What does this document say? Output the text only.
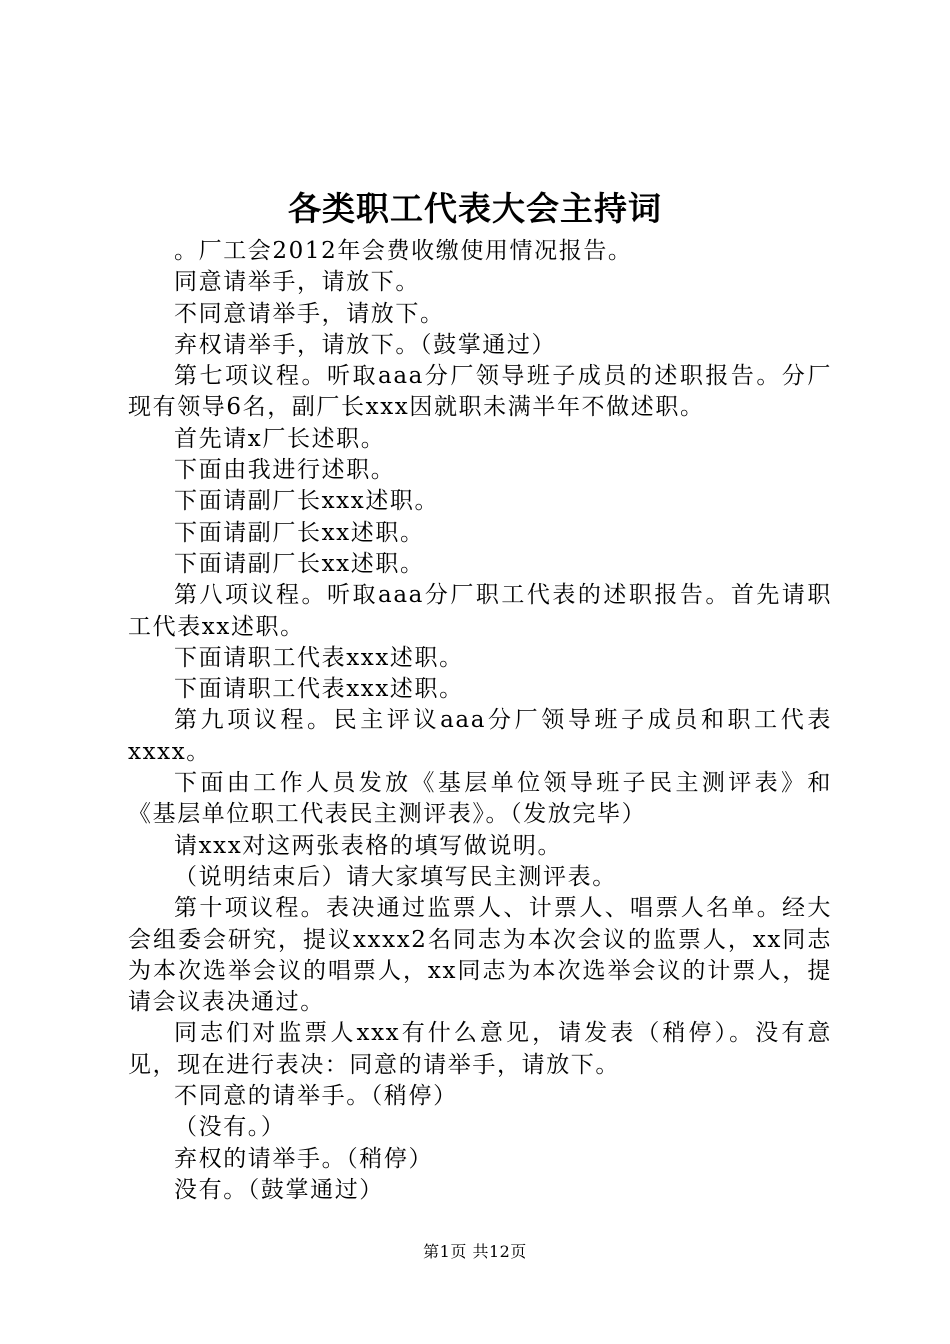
各类职工代表大会主持词

。厂工会2012年会费收缴使用情况报告。

同意请举手，请放下。

不同意请举手，请放下。

弃权请举手，请放下。（鼓掌通过）

第七项议程。听取aaa分厂领导班子成员的述职报告。分厂现有领导6名，副厂长xxx因就职未满半年不做述职。

首先请x厂长述职。

下面由我进行述职。

下面请副厂长xxx述职。

下面请副厂长xx述职。

下面请副厂长xx述职。

第八项议程。听取aaa分厂职工代表的述职报告。首先请职工代表xx述职。

下面请职工代表xxx述职。

下面请职工代表xxx述职。

第九项议程。民主评议aaa分厂领导班子成员和职工代表xxxx。

下面由工作人员发放《基层单位领导班子民主测评表》和《基层单位职工代表民主测评表》。（发放完毕）

请xxx对这两张表格的填写做说明。

（说明结束后）请大家填写民主测评表。

第十项议程。表决通过监票人、计票人、唱票人名单。经大会组委会研究，提议xxxx2名同志为本次会议的监票人，xx同志为本次选举会议的唱票人，xx同志为本次选举会议的计票人，提请会议表决通过。

同志们对监票人xxx有什么意见，请发表（稍停）。没有意见，现在进行表决：同意的请举手，请放下。

不同意的请举手。（稍停）

（没有。）

弃权的请举手。（稍停）

没有。（鼓掌通过）

第1页 共12页
